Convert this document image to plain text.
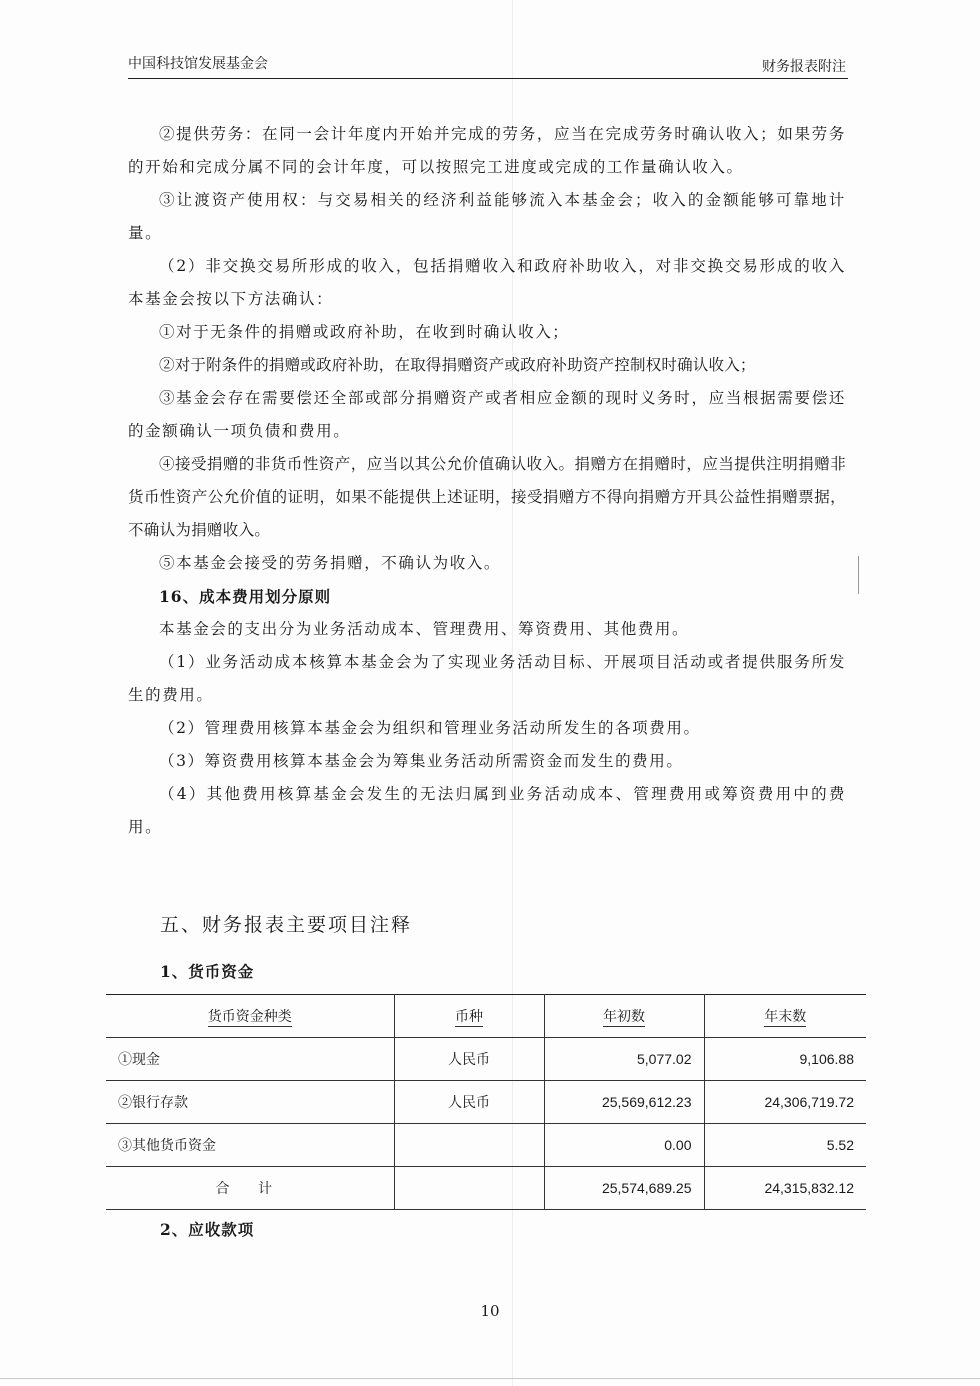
中国科技馆发展基金会	财务报表附注

②提供劳务：在同一会计年度内开始并完成的劳务，应当在完成劳务时确认收入；如果劳务的开始和完成分属不同的会计年度，可以按照完工进度或完成的工作量确认收入。

③让渡资产使用权：与交易相关的经济利益能够流入本基金会；收入的金额能够可靠地计量。

（2）非交换交易所形成的收入，包括捐赠收入和政府补助收入，对非交换交易形成的收入本基金会按以下方法确认：

①对于无条件的捐赠或政府补助，在收到时确认收入；

②对于附条件的捐赠或政府补助，在取得捐赠资产或政府补助资产控制权时确认收入；

③基金会存在需要偿还全部或部分捐赠资产或者相应金额的现时义务时，应当根据需要偿还的金额确认一项负债和费用。

④接受捐赠的非货币性资产，应当以其公允价值确认收入。捐赠方在捐赠时，应当提供注明捐赠非货币性资产公允价值的证明，如果不能提供上述证明，接受捐赠方不得向捐赠方开具公益性捐赠票据，不确认为捐赠收入。

⑤本基金会接受的劳务捐赠，不确认为收入。

16、成本费用划分原则

本基金会的支出分为业务活动成本、管理费用、筹资费用、其他费用。

（1）业务活动成本核算本基金会为了实现业务活动目标、开展项目活动或者提供服务所发生的费用。

（2）管理费用核算本基金会为组织和管理业务活动所发生的各项费用。

（3）筹资费用核算本基金会为筹集业务活动所需资金而发生的费用。

（4）其他费用核算基金会发生的无法归属到业务活动成本、管理费用或筹资费用中的费用。

五、财务报表主要项目注释
1、货币资金
货币资金种类	币种	年初数	年末数
①现金	人民币	5,077.02	9,106.88
②银行存款	人民币	25,569,612.23	24,306,719.72
③其他货币资金		0.00	5.52
合 计		25,574,689.25	24,315,832.12
2、应收款项
10
